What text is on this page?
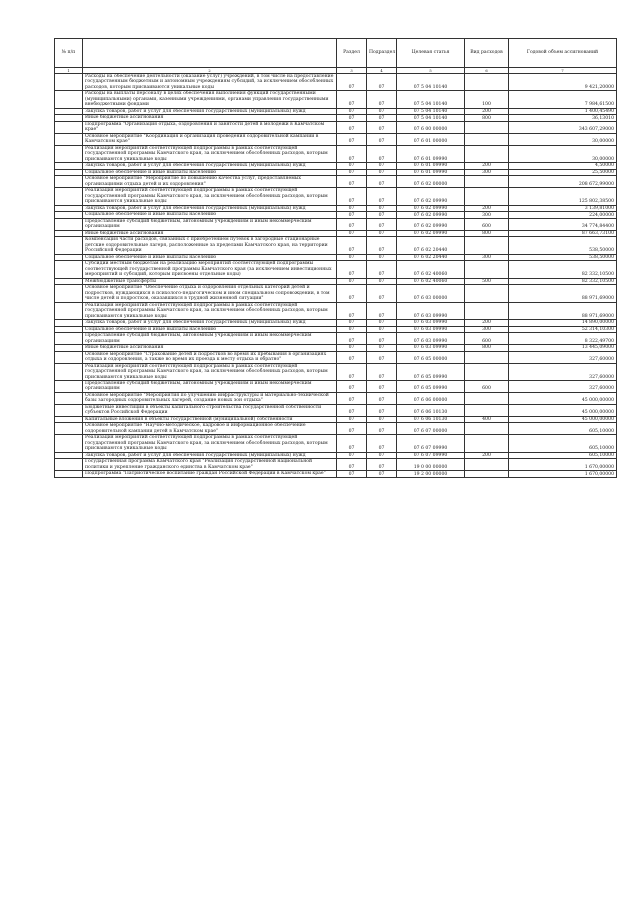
№ п/п		Раздел	Подраздел	Целевая статья	Вид расходов	Годовой объем ассигнований
1	2	3	4	5	6	7
	Расходы на обеспечение деятельности (оказание услуг) учреждений, в том числе на предоставление государственным бюджетным и автономным учреждениям субсидий, за исключением обособленных расходов, которым присваиваются уникальные коды	07	07	07 5 04 10140		9 421,20000
	Расходы на выплаты персоналу в целях обеспечения выполнения функций государственными (муниципальными) органами, казенными учреждениями, органами управления государственными внебюджетными фондами	07	07	07 5 04 10140	100	7 984,61500
	Закупка товаров, работ и услуг для обеспечения государственных (муниципальных) нужд	07	07	07 5 04 10140	200	1 400,45490
	Иные бюджетные ассигнования	07	07	07 5 04 10140	800	36,13010
	Подпрограмма "Организация отдыха, оздоровления и занятости детей в молодежи в Камчатском крае"	07	07	07 6 00 00000		343 607,29000
	Основное мероприятие "Координация и организация проведения оздоровительной кампании в Камчатском крае"	07	07	07 6 01 00000		30,00000
	Реализация мероприятий соответствующей подпрограммы в рамках соответствующей государственной программы Камчатского края, за исключением обособленных расходов, которым присваиваются уникальные коды	07	07	07 6 01 09990		30,00000
	Закупка товаров, работ и услуг для обеспечения государственных (муниципальных) нужд	07	07	07 6 01 09990	200	4,50000
	Социальное обеспечение и иные выплаты населению	07	07	07 6 01 09990	300	25,50000
	Основное мероприятие "Мероприятие по повышению качества услуг, предоставляемых организациями отдыха детей и их оздоровления"	07	07	07 6 02 00000		208 672,99000
	Реализация мероприятий соответствующей подпрограммы в рамках соответствующей государственной программы Камчатского края, за исключением обособленных расходов, которым присваиваются уникальные коды	07	07	07 6 02 09990		125 802,38500
	Закупка товаров, работ и услуг для обеспечения государственных (муниципальных) нужд	07	07	07 6 02 09990	200	3 139,81000
	Социальное обеспечение и иные выплаты населению	07	07	07 6 02 09990	300	224,00000
	Предоставление субсидий бюджетным, автономным учреждениям и иным некоммерческим организациям	07	07	07 6 02 09990	600	34 774,84400
	Иные бюджетные ассигнования	07	07	07 6 02 09990	800	87 663,73100
	Компенсация части расходов, связанных с приобретением путевок в загородные стационарные детские оздоровительные лагеря, расположенные за пределами Камчатского края, на территории Российской Федерации	07	07	07 6 02 20440		538,50000
	Социальное обеспечение и иные выплаты населению	07	07	07 6 02 20440	300	538,50000
	Субсидии местным бюджетам на реализацию мероприятий соответствующей подпрограммы соответствующей государственной программы Камчатского края (за исключением инвестиционных мероприятий и субсидий, которым присвоены отдельные коды)	07	07	07 6 02 40060		82 332,10500
	Межбюджетные трансферты	07	07	07 6 02 40060	500	82 332,10500
	Основное мероприятие "Обеспечение отдыха и оздоровления отдельных категорий детей и подростков, нуждающихся в психолого-педагогическом и ином специальном сопровождении, в том числе детей и подростков, оказавшихся в трудной жизненной ситуации"	07	07	07 6 03 00000		88 971,69000
	Реализация мероприятий соответствующей подпрограммы в рамках соответствующей государственной программы Камчатского края, за исключением обособленных расходов, которым присваиваются уникальные коды	07	07	07 6 03 09990		88 971,69000
	Закупка товаров, работ и услуг для обеспечения государственных (муниципальных) нужд	07	07	07 6 03 09990	200	14 890,00000
	Социальное обеспечение и иные выплаты населению	07	07	07 6 03 09990	300	52 314,10300
	Предоставление субсидий бюджетным, автономным учреждениям и иным некоммерческим организациям	07	07	07 6 03 09990	600	8 322,49700
	Иные бюджетные ассигнования	07	07	07 6 03 09990	800	13 445,09000
	Основное мероприятие "Страхование детей и подростков во время их пребывания в организациях отдыха и оздоровления, а также во время их проезда к месту отдыха и обратно"	07	07	07 6 05 00000		327,60000
	Реализация мероприятий соответствующей подпрограммы в рамках соответствующей государственной программы Камчатского края, за исключением обособленных расходов, которым присваиваются уникальные коды	07	07	07 6 05 09990		327,60000
	Предоставление субсидий бюджетным, автономным учреждениям и иным некоммерческим организациям	07	07	07 6 05 09990	600	327,60000
	Основное мероприятие "Мероприятия по улучшению инфраструктуры и материально-технической базы загородных оздоровительных лагерей, создание новых зон отдыха"	07	07	07 6 06 00000		45 000,00000
	Бюджетные инвестиции в объекты капитального строительства государственной собственности субъектов Российской Федерации	07	07	07 6 06 10130		45 000,00000
	Капитальные вложения в объекты государственной (муниципальной) собственности	07	07	07 6 06 10130	400	45 000,00000
	Основное мероприятие "Научно-методическое, кадровое и информационное обеспечение оздоровительной кампании детей в Камчатском крае"	07	07	07 6 07 00000		605,10000
	Реализация мероприятий соответствующей подпрограммы в рамках соответствующей государственной программы Камчатского края, за исключением обособленных расходов, которым присваиваются уникальные коды	07	07	07 6 07 09990		605,10000
	Закупка товаров, работ и услуг для обеспечения государственных (муниципальных) нужд	07	07	07 6 07 09990	200	605,10000
	Государственная программа Камчатского края "Реализация государственной национальной политики и укрепление гражданского единства в Камчатском крае"	07	07	19 0 00 00000		1 670,00000
	Подпрограмма "Патриотическое воспитание граждан Российской Федерации в Камчатском крае"	07	07	19 2 00 00000		1 670,00000
